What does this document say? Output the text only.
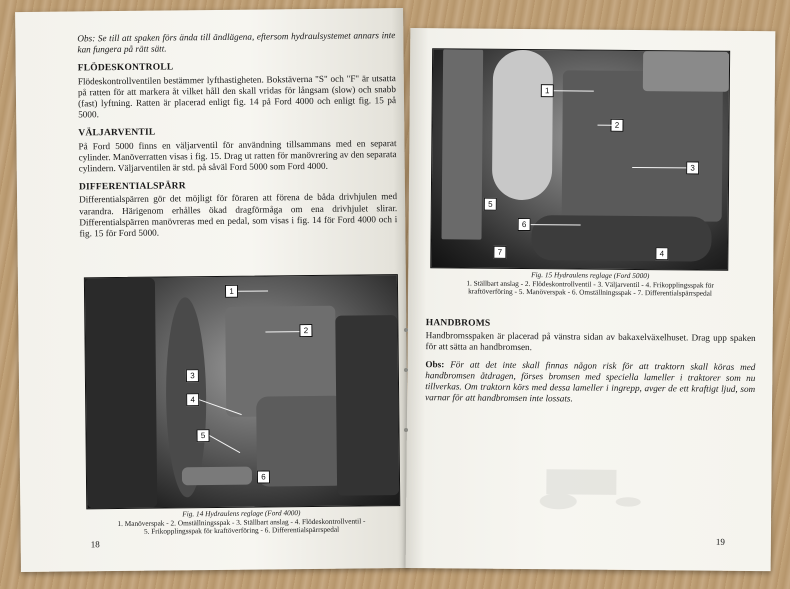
Obs: Se till att spaken förs ända till ändlägena, eftersom hydraulsystemet annars inte kan fungera på rätt sätt.

FLÖDESKONTROLL

Flödeskontrollventilen bestämmer lyfthastigheten. Bokstäverna "S" och "F" är utsatta på ratten för att markera åt vilket håll den skall vridas för långsam (slow) och snabb (fast) lyftning. Ratten är placerad enligt fig. 14 på Ford 4000 och enligt fig. 15 på 5000.

VÄLJARVENTIL

På Ford 5000 finns en väljarventil för användning tillsammans med en separat cylinder. Manöverratten visas i fig. 15. Drag ut ratten för manövrering av den separata cylindern. Väljarventilen är std. på såväl Ford 5000 som Ford 4000.

DIFFERENTIALSPÄRR

Differentialspärren gör det möjligt för föraren att förena de båda drivhjulen med varandra. Härigenom erhålles ökad dragförmåga om ena drivhjulet slirar. Differentialspärren manövreras med en pedal, som visas i fig. 14 för Ford 4000 och i fig. 15 för Ford 5000.

1
2
3
4
5
6
Fig. 14 Hydraulens reglage (Ford 4000)
1. Manöverspak - 2. Omställningsspak - 3. Ställbart anslag - 4. Flödeskontrollventil -
5. Frikopplingsspak för kraftöverföring - 6. Differentialspärrspedal
18
1
2
3
4
5
6
7
Fig. 15 Hydraulens reglage (Ford 5000)
1. Ställbart anslag - 2. Flödeskontrollventil - 3. Väljarventil - 4. Frikopplingsspak för
kraftöverföring - 5. Manöverspak - 6. Omställningsspak - 7. Differentialspärrspedal
HANDBROMS

Handbromsspaken är placerad på vänstra sidan av bakaxelväxelhuset. Drag upp spaken för att sätta an handbromsen.

Obs: För att det inte skall finnas någon risk för att traktorn skall köras med handbromsen åtdragen, förses bromsen med speciella lameller i traktorer som nu tillverkas. Om traktorn körs med dessa lameller i ingrepp, avger de ett kraftigt ljud, som varnar för att handbromsen inte lossats.

19
